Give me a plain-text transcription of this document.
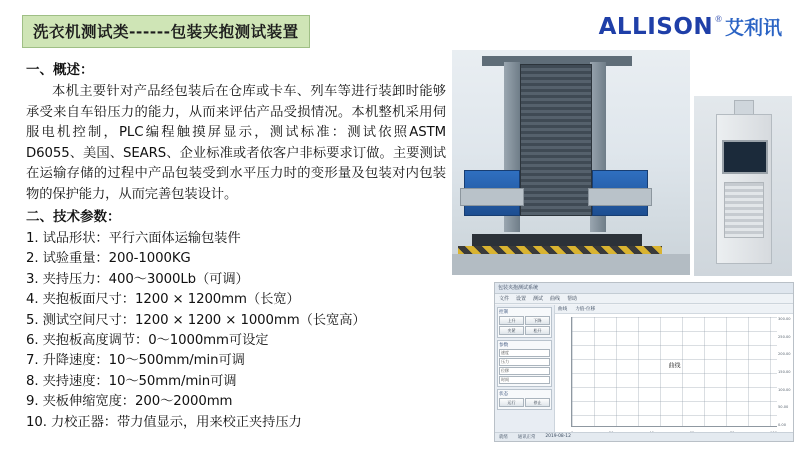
洗衣机测试类------包装夹抱测试装置	ALLISON ® 艾利讯

一、概述：

本机主要针对产品经包装后在仓库或卡车、列车等进行装卸时能够承受来自车铅压力的能力，从而来评估产品受损情况。本机整机采用伺服电机控制，PLC编程触摸屏显示，测试标准：测试依照ASTM D6055、美国、SEARS、企业标准或者依客户非标要求订做。主要测试在运输存储的过程中产品包装受到水平压力时的变形量及包装对内包装物的保护能力，从而完善包装设计。

二、技术参数：

1. 试品形状：平行六面体运输包装件
2. 试验重量：200-1000KG
3. 夹持压力：400～3000Lb（可调）
4. 夹抱板面尺寸：1200 × 1200mm（长宽）
5. 测试空间尺寸：1200 × 1200 × 1000mm（长宽高）
6. 夹抱板高度调节：0～1000mm可设定
7. 升降速度：10～500mm/min可调
8. 夹持速度：10～50mm/min可调
9. 夹板伸缩宽度：200～2000mm
10. 力校正器：带力值显示，用来校正夹持压力
包装夹抱测试系统
文件 设置 测试 曲线 帮助
控制
上升	下降
夹紧	松开
参数
速度
压力
位移
时间
状态
运行	停止
曲线 力值-位移
曲线
300.00
250.00
200.00
150.00
100.00
50.00
0.00
就绪 通讯正常 2019-08-12
